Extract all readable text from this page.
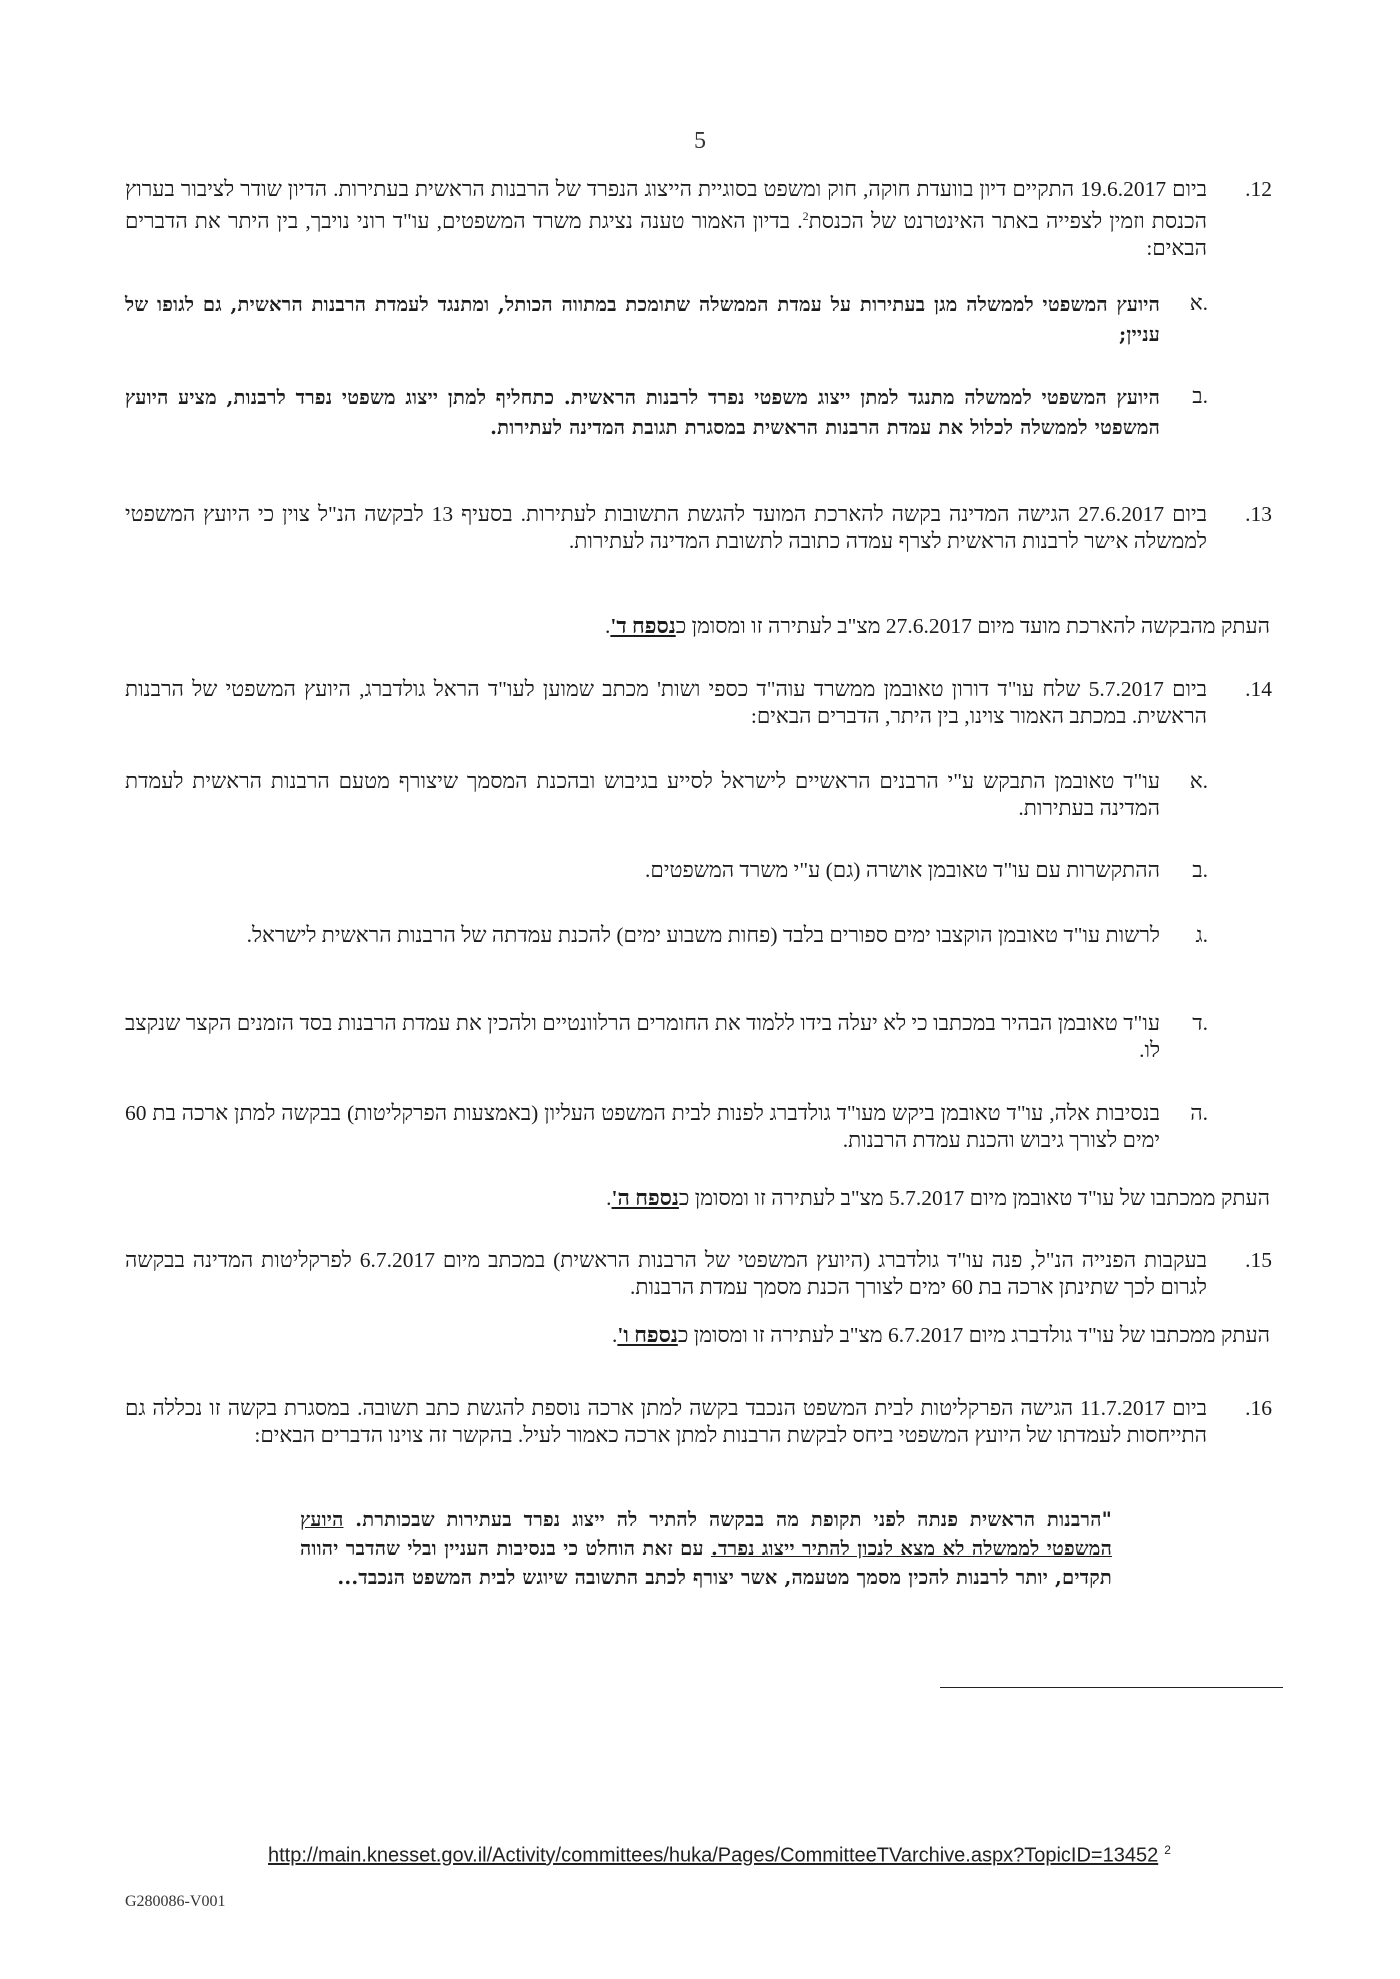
5
.12
ביום 19.6.2017 התקיים דיון בוועדת חוקה, חוק ומשפט בסוגיית הייצוג הנפרד של הרבנות הראשית בעתירות. הדיון שודר לציבור בערוץ הכנסת וזמין לצפייה באתר האינטרנט של הכנסת$^2$. בדיון האמור טענה נציגת משרד המשפטים, עו"ד רוני נויבך, בין היתר את הדברים הבאים:
א.
היועץ המשפטי לממשלה מגן בעתירות על עמדת הממשלה שתומכת במתווה הכותל, ומתנגד לעמדת הרבנות הראשית, גם לגופו של עניין;
ב.
היועץ המשפטי לממשלה מתנגד למתן ייצוג משפטי נפרד לרבנות הראשית. כתחליף למתן ייצוג משפטי נפרד לרבנות, מציע היועץ המשפטי לממשלה לכלול את עמדת הרבנות הראשית במסגרת תגובת המדינה לעתירות.
.13
ביום 27.6.2017 הגישה המדינה בקשה להארכת המועד להגשת התשובות לעתירות. בסעיף 13 לבקשה הנ"ל צוין כי היועץ המשפטי לממשלה אישר לרבנות הראשית לצרף עמדה כתובה לתשובת המדינה לעתירות.
העתק מהבקשה להארכת מועד מיום 27.6.2017 מצ"ב לעתירה זו ומסומן כנספח ד'.
.14
ביום 5.7.2017 שלח עו"ד דורון טאובמן ממשרד עוה"ד כספי ושות' מכתב שמוען לעו"ד הראל גולדברג, היועץ המשפטי של הרבנות הראשית. במכתב האמור צוינו, בין היתר, הדברים הבאים:
א.
עו"ד טאובמן התבקש ע"י הרבנים הראשיים לישראל לסייע בגיבוש ובהכנת המסמך שיצורף מטעם הרבנות הראשית לעמדת המדינה בעתירות.
ב.
ההתקשרות עם עו"ד טאובמן אושרה (גם) ע"י משרד המשפטים.
ג.
לרשות עו"ד טאובמן הוקצבו ימים ספורים בלבד (פחות משבוע ימים) להכנת עמדתה של הרבנות הראשית לישראל.
ד.
עו"ד טאובמן הבהיר במכתבו כי לא יעלה בידו ללמוד את החומרים הרלוונטיים ולהכין את עמדת הרבנות בסד הזמנים הקצר שנקצב לו.
ה.
בנסיבות אלה, עו"ד טאובמן ביקש מעו"ד גולדברג לפנות לבית המשפט העליון (באמצעות הפרקליטות) בבקשה למתן ארכה בת 60 ימים לצורך גיבוש והכנת עמדת הרבנות.
העתק ממכתבו של עו"ד טאובמן מיום 5.7.2017 מצ"ב לעתירה זו ומסומן כנספח ה'.
.15
בעקבות הפנייה הנ"ל, פנה עו"ד גולדברג (היועץ המשפטי של הרבנות הראשית) במכתב מיום 6.7.2017 לפרקליטות המדינה בבקשה לגרום לכך שתינתן ארכה בת 60 ימים לצורך הכנת מסמך עמדת הרבנות.
העתק ממכתבו של עו"ד גולדברג מיום 6.7.2017 מצ"ב לעתירה זו ומסומן כנספח ו'.
.16
ביום 11.7.2017 הגישה הפרקליטות לבית המשפט הנכבד בקשה למתן ארכה נוספת להגשת כתב תשובה. במסגרת בקשה זו נכללה גם התייחסות לעמדתו של היועץ המשפטי ביחס לבקשת הרבנות למתן ארכה כאמור לעיל. בהקשר זה צוינו הדברים הבאים:
"הרבנות הראשית פנתה לפני תקופת מה בבקשה להתיר לה ייצוג נפרד בעתירות שבכותרת. היועץ המשפטי לממשלה לא מצא לנכון להתיר ייצוג נפרד. עם זאת הוחלט כי בנסיבות העניין ובלי שהדבר יהווה תקדים, יותר לרבנות להכין מסמך מטעמה, אשר יצורף לכתב התשובה שיוגש לבית המשפט הנכבד...
http://main.knesset.gov.il/Activity/committees/huka/Pages/CommitteeTVarchive.aspx?TopicID=13452 $^2$
G280086-V001
